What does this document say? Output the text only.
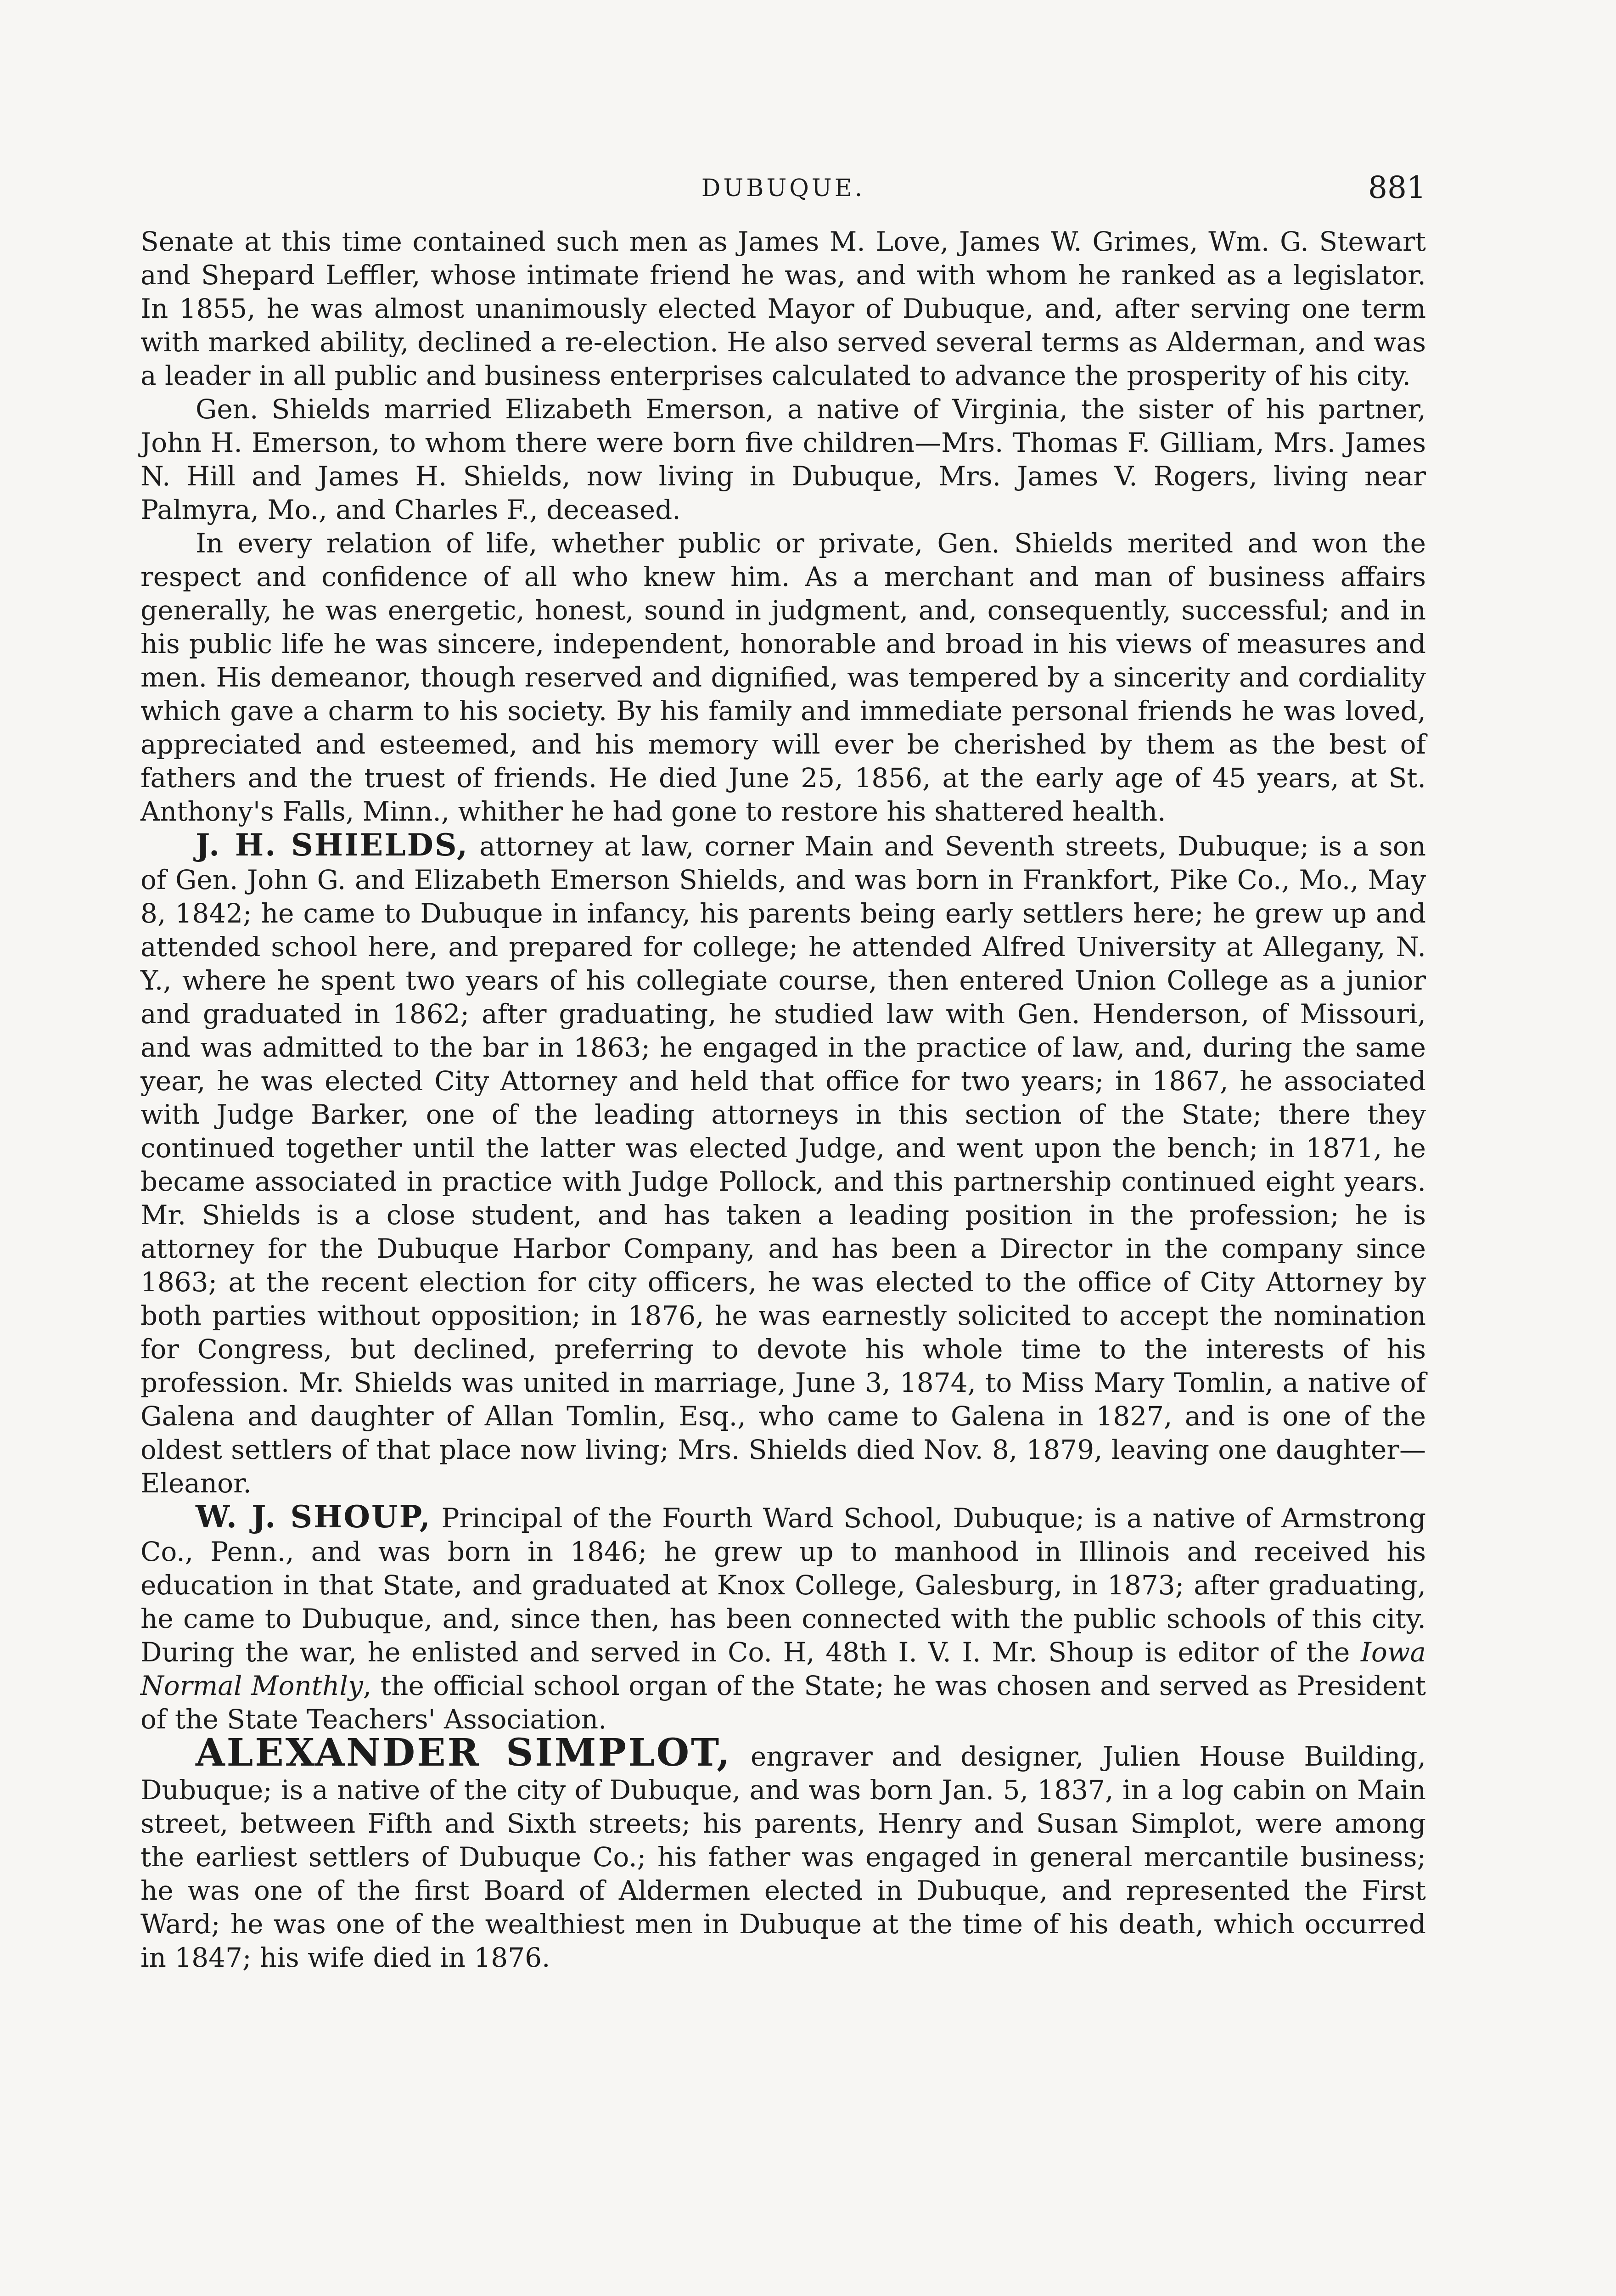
DUBUQUE.	881

Senate at this time contained such men as James M. Love, James W. Grimes, Wm. G. Stewart and Shepard Leffler, whose intimate friend he was, and with whom he ranked as a legislator. In 1855, he was almost unanimously elected Mayor of Dubuque, and, after serving one term with marked ability, declined a re-election. He also served several terms as Alderman, and was a leader in all public and business enterprises calculated to advance the prosperity of his city.

Gen. Shields married Elizabeth Emerson, a native of Virginia, the sister of his partner, John H. Emerson, to whom there were born five children—Mrs. Thomas F. Gilliam, Mrs. James N. Hill and James H. Shields, now living in Dubuque, Mrs. James V. Rogers, living near Palmyra, Mo., and Charles F., deceased.

In every relation of life, whether public or private, Gen. Shields merited and won the respect and confidence of all who knew him. As a merchant and man of business affairs generally, he was energetic, honest, sound in judgment, and, consequently, successful; and in his public life he was sincere, independent, honorable and broad in his views of measures and men. His demeanor, though reserved and dignified, was tempered by a sincerity and cordiality which gave a charm to his society. By his family and immediate personal friends he was loved, appreciated and esteemed, and his memory will ever be cherished by them as the best of fathers and the truest of friends. He died June 25, 1856, at the early age of 45 years, at St. Anthony's Falls, Minn., whither he had gone to restore his shattered health.

J. H. SHIELDS, attorney at law, corner Main and Seventh streets, Dubuque; is a son of Gen. John G. and Elizabeth Emerson Shields, and was born in Frankfort, Pike Co., Mo., May 8, 1842; he came to Dubuque in infancy, his parents being early settlers here; he grew up and attended school here, and prepared for college; he attended Alfred University at Allegany, N. Y., where he spent two years of his collegiate course, then entered Union College as a junior and graduated in 1862; after graduating, he studied law with Gen. Henderson, of Missouri, and was admitted to the bar in 1863; he engaged in the practice of law, and, during the same year, he was elected City Attorney and held that office for two years; in 1867, he associated with Judge Barker, one of the leading attorneys in this section of the State; there they continued together until the latter was elected Judge, and went upon the bench; in 1871, he became associated in practice with Judge Pollock, and this partnership continued eight years. Mr. Shields is a close student, and has taken a leading position in the profession; he is attorney for the Dubuque Harbor Company, and has been a Director in the company since 1863; at the recent election for city officers, he was elected to the office of City Attorney by both parties without opposition; in 1876, he was earnestly solicited to accept the nomination for Congress, but declined, preferring to devote his whole time to the interests of his profession. Mr. Shields was united in marriage, June 3, 1874, to Miss Mary Tomlin, a native of Galena and daughter of Allan Tomlin, Esq., who came to Galena in 1827, and is one of the oldest settlers of that place now living; Mrs. Shields died Nov. 8, 1879, leaving one daughter—Eleanor.

W. J. SHOUP, Principal of the Fourth Ward School, Dubuque; is a native of Armstrong Co., Penn., and was born in 1846; he grew up to manhood in Illinois and received his education in that State, and graduated at Knox College, Galesburg, in 1873; after graduating, he came to Dubuque, and, since then, has been connected with the public schools of this city. During the war, he enlisted and served in Co. H, 48th I. V. I. Mr. Shoup is editor of the Iowa Normal Monthly, the official school organ of the State; he was chosen and served as President of the State Teachers' Association.

ALEXANDER SIMPLOT, engraver and designer, Julien House Building, Dubuque; is a native of the city of Dubuque, and was born Jan. 5, 1837, in a log cabin on Main street, between Fifth and Sixth streets; his parents, Henry and Susan Simplot, were among the earliest settlers of Dubuque Co.; his father was engaged in general mercantile business; he was one of the first Board of Aldermen elected in Dubuque, and represented the First Ward; he was one of the wealthiest men in Dubuque at the time of his death, which occurred in 1847; his wife died in 1876.
